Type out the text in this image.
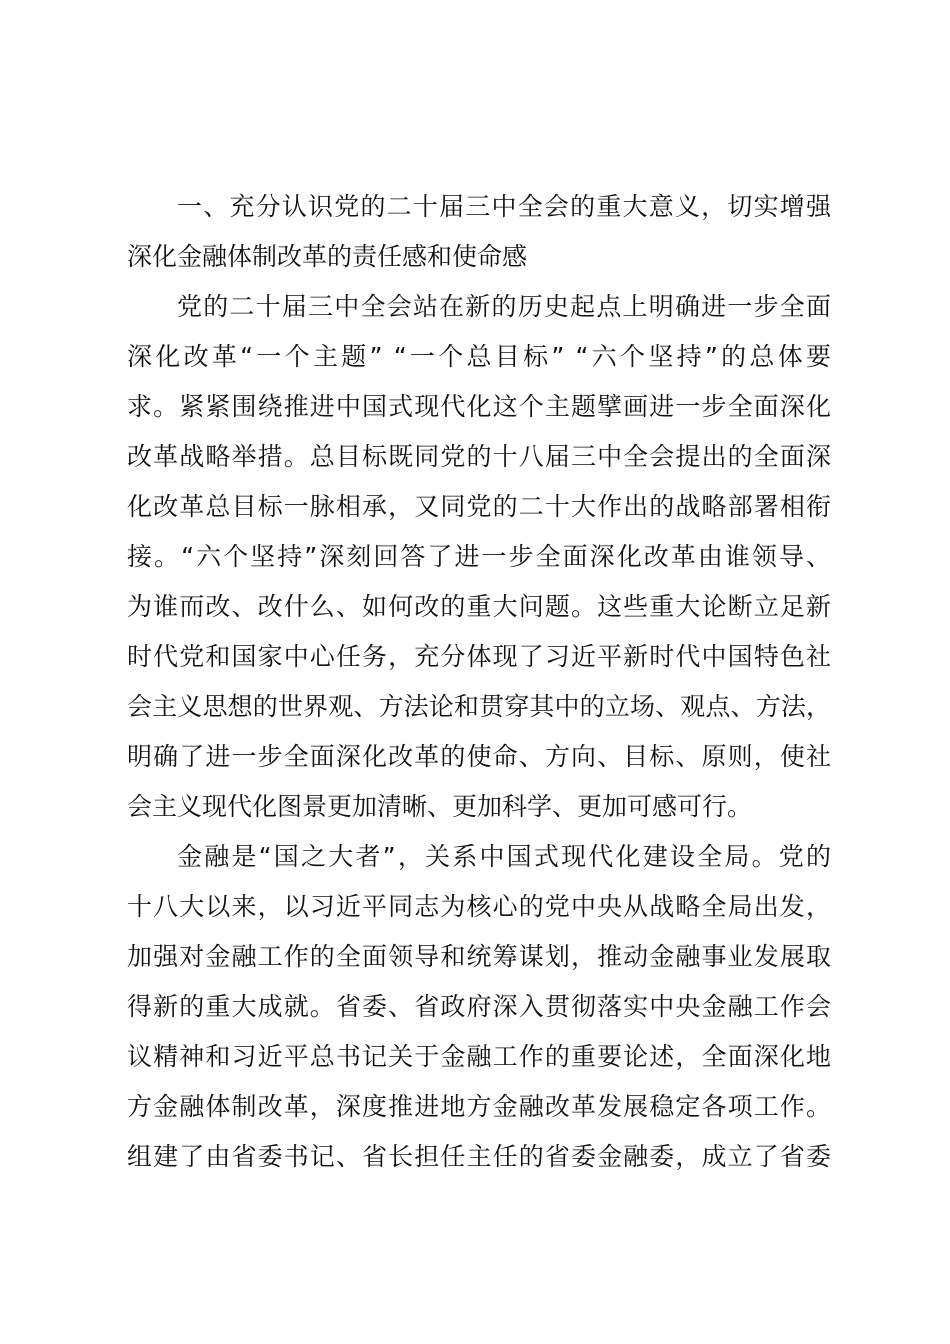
一、充分认识党的二十届三中全会的重大意义，切实增强
深化金融体制改革的责任感和使命感
党的二十届三中全会站在新的历史起点上明确进一步全面
深化改革“一个主题” “一个总目标” “六个坚持”的总体要
求。紧紧围绕推进中国式现代化这个主题擘画进一步全面深化
改革战略举措。总目标既同党的十八届三中全会提出的全面深
化改革总目标一脉相承，又同党的二十大作出的战略部署相衔
接。“六个坚持”深刻回答了进一步全面深化改革由谁领导、
为谁而改、改什么、如何改的重大问题。这些重大论断立足新
时代党和国家中心任务，充分体现了习近平新时代中国特色社
会主义思想的世界观、方法论和贯穿其中的立场、观点、方法，
明确了进一步全面深化改革的使命、方向、目标、原则，使社
会主义现代化图景更加清晰、更加科学、更加可感可行。
金融是“国之大者”，关系中国式现代化建设全局。党的
十八大以来，以习近平同志为核心的党中央从战略全局出发，
加强对金融工作的全面领导和统筹谋划，推动金融事业发展取
得新的重大成就。省委、省政府深入贯彻落实中央金融工作会
议精神和习近平总书记关于金融工作的重要论述，全面深化地
方金融体制改革，深度推进地方金融改革发展稳定各项工作。
组建了由省委书记、省长担任主任的省委金融委，成立了省委
